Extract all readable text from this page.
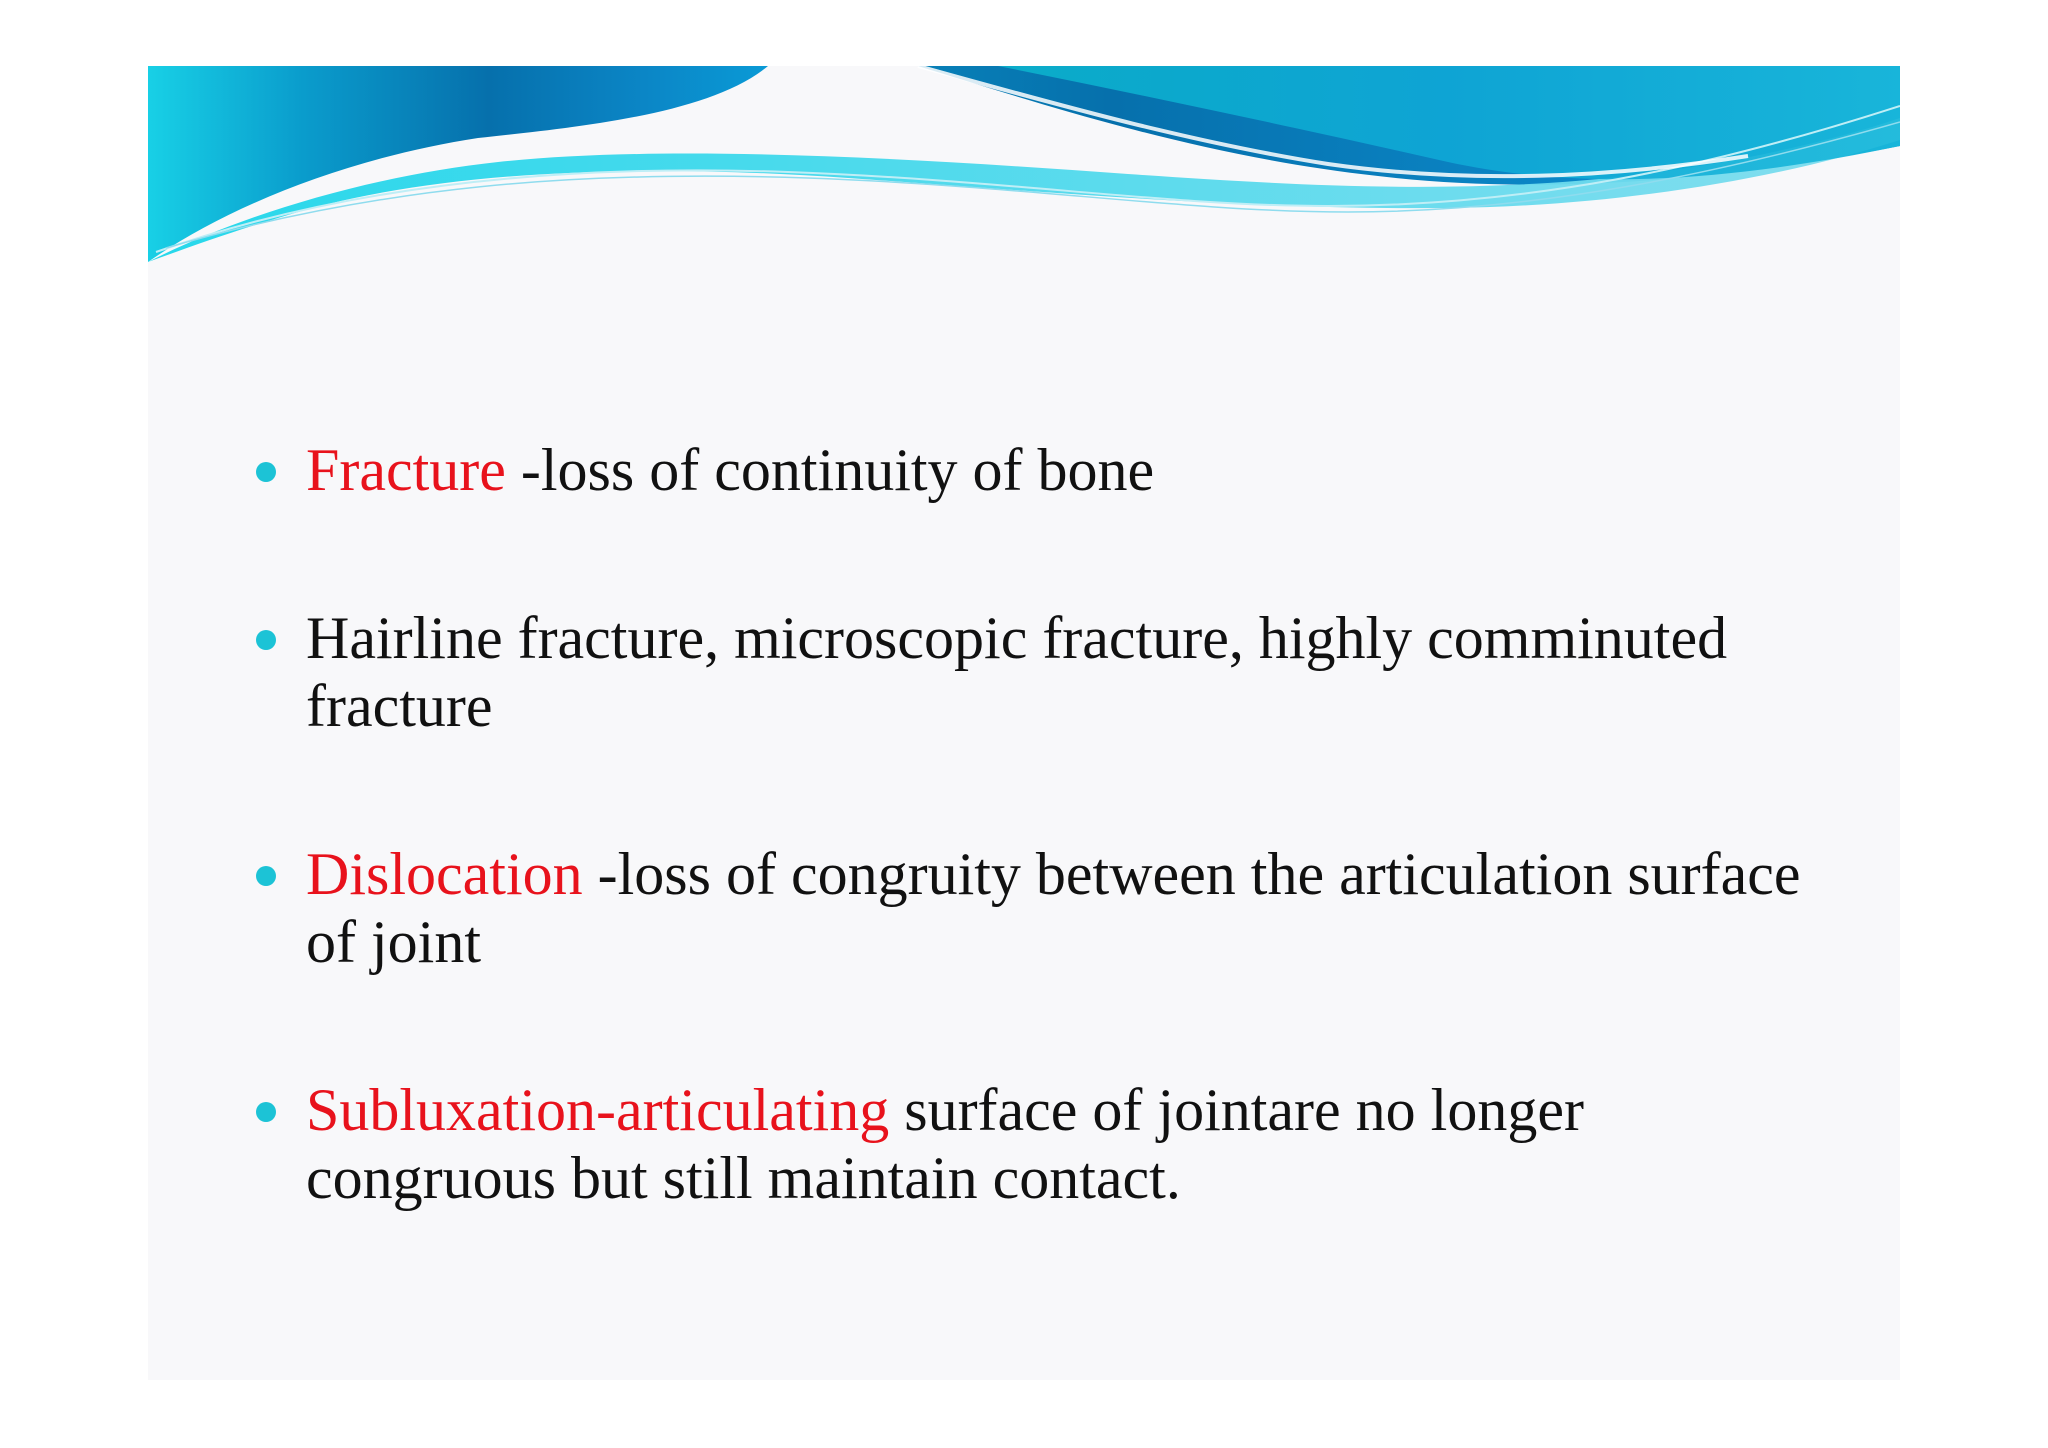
Fracture -loss of continuity of bone
Hairline fracture, microscopic fracture, highly comminuted fracture
Dislocation -loss of congruity between the articulation surface of joint
Subluxation-articulating surface of jointare no longer congruous but still maintain contact.
